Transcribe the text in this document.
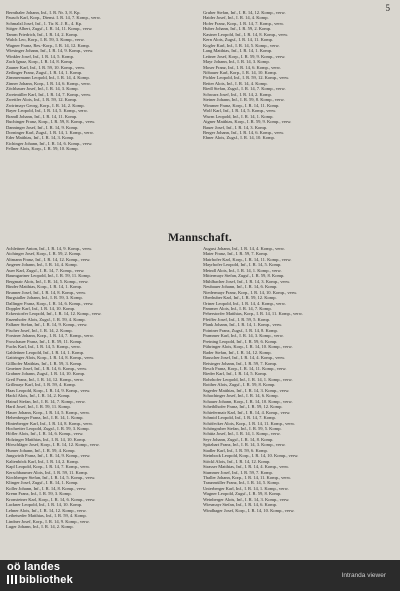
5
Bernthaler Johann, Inf., I. R. Nr. 3, 8. Kp.
Pausch Karl, Korp., Dienst. I. R. 14, 7. Komp., verw.
Schmalzl Josef, Inf., 1. Tir. K. J. R., 4. Kp.
Stöger Albert, Zugsf., I. R. 14, 11. Komp., verw.
Tamm Friedrich, Inf., I. R. 14, 2. Komp.
Walch Leo, Korp., I. R. 59, 3. Komp., verw.
Wagner Franz, Res.-Korp., I. R. 14, 12. Komp.
Wiesinger Johann, Inf., I. R. 14, 9. Komp., verw.
Winkler Josef, Inf., I. R. 14, 5. Komp.
Zach Ignaz, Korp., I. R. 14, 8. Komp.
Zauner Karl, Inf., I. R. 59, 10. Komp., verw.
Zeilinger Franz, Zugsf., I. R. 14, 1. Komp.
Zimmermann Leopold, Inf., I. R. 14, 4. Komp.
Zinner Johann, Korp., I. R. 14, 6. Komp., verw.
Zöchbauer Josef, Inf., I. R. 14, 3. Komp.
Zweimüller Karl, Inf., I. R. 14, 7. Komp., verw.
Zwettler Alois, Inf., I. R. 59, 12. Komp.
Zwirtmayr Georg, Korp., I. R. 14, 2. Komp.
Bayer Leopold, Inf., I. R. 14, 5. Komp., verw.
Brandl Johann, Inf., I. R. 14, 11. Komp.
Buchinger Franz, Korp., I. R. 59, 8. Komp., verw.
Danninger Josef, Inf., I. R. 14, 9. Komp.
Dorninger Karl, Zugsf., I. R. 14, 1. Komp., verw.
Eder Matthias, Inf., I. R. 14, 3. Komp.
Eichinger Johann, Inf., I. R. 14, 6. Komp., verw.
Fellner Alois, Korp., I. R. 59, 10. Komp.
Gruber Stefan, Inf., I. R. 14, 12. Komp., verw.
Haider Josef, Inf., I. R. 14, 4. Komp.
Hofer Franz, Korp., I. R. 14, 7. Komp., verw.
Huber Johann, Inf., I. R. 59, 2. Komp.
Kastner Leopold, Inf., I. R. 14, 8. Komp., verw.
Kern Alois, Zugsf., I. R. 14, 11. Komp.
Kogler Karl, Inf., I. R. 14, 5. Komp., verw.
Lang Matthias, Inf., I. R. 14, 1. Komp.
Leitner Josef, Korp., I. R. 59, 9. Komp., verw.
Mayr Johann, Inf., I. R. 14, 3. Komp.
Moser Franz, Inf., I. R. 14, 6. Komp., verw.
Nöbauer Karl, Korp., I. R. 14, 10. Komp.
Pichler Leopold, Inf., I. R. 59, 12. Komp., verw.
Reiter Alois, Inf., I. R. 14, 4. Komp.
Riedl Stefan, Zugsf., I. R. 14, 7. Komp., verw.
Schwarz Josef, Inf., I. R. 14, 2. Komp.
Steiner Johann, Inf., I. R. 59, 8. Komp., verw.
Wimmer Franz, Korp., I. R. 14, 11. Komp.
Wolf Karl, Inf., I. R. 14, 5. Komp., verw.
Wurm Leopold, Inf., I. R. 14, 1. Komp.
Aigner Matthias, Korp., I. R. 59, 9. Komp., verw.
Bauer Josef, Inf., I. R. 14, 3. Komp.
Berger Johann, Inf., I. R. 14, 6. Komp., verw.
Ebner Alois, Zugsf., I. R. 14, 10. Komp.
Mannschaft.
Achleitner Anton, Inf., I. R. 14, 9. Komp., verw.
Aichinger Josef, Korp., I. R. 59, 2. Komp.
Altmann Franz, Inf., I. R. 14, 12. Komp., verw.
Angerer Johann, Inf., I. R. 14, 4. Komp.
Auer Karl, Zugsf., I. R. 14, 7. Komp., verw.
Baumgartner Leopold, Inf., I. R. 59, 11. Komp.
Bergmair Alois, Inf., I. R. 14, 5. Komp., verw.
Binder Matthias, Korp., I. R. 14, 1. Komp.
Brunner Josef, Inf., I. R. 14, 8. Komp., verw.
Burgstaller Johann, Inf., I. R. 59, 3. Komp.
Dallinger Franz, Korp., I. R. 14, 6. Komp., verw.
Doppler Karl, Inf., I. R. 14, 10. Komp.
Eckerstorfer Leopold, Inf., I. R. 14, 12. Komp., verw.
Enzenhofer Alois, Zugsf., I. R. 59, 4. Komp.
Falkner Stefan, Inf., I. R. 14, 9. Komp., verw.
Fischer Josef, Inf., I. R. 14, 2. Komp.
Forstner Johann, Korp., I. R. 14, 7. Komp., verw.
Froschauer Franz, Inf., I. R. 59, 11. Komp.
Fuchs Karl, Inf., I. R. 14, 5. Komp., verw.
Gahleitner Leopold, Inf., I. R. 14, 1. Komp.
Gattringer Alois, Korp., I. R. 14, 8. Komp., verw.
Gillhofer Matthias, Inf., I. R. 59, 3. Komp.
Gmeiner Josef, Inf., I. R. 14, 6. Komp., verw.
Grabner Johann, Zugsf., I. R. 14, 10. Komp.
Greil Franz, Inf., I. R. 14, 12. Komp., verw.
Grillmayr Karl, Inf., I. R. 59, 4. Komp.
Haas Leopold, Korp., I. R. 14, 9. Komp., verw.
Hackl Alois, Inf., I. R. 14, 2. Komp.
Hainzl Stefan, Inf., I. R. 14, 7. Komp., verw.
Hartl Josef, Inf., I. R. 59, 11. Komp.
Hauer Johann, Korp., I. R. 14, 5. Komp., verw.
Hehenberger Franz, Inf., I. R. 14, 1. Komp.
Hinterberger Karl, Inf., I. R. 14, 8. Komp., verw.
Hochreiter Leopold, Zugsf., I. R. 59, 3. Komp.
Höfler Alois, Inf., I. R. 14, 6. Komp., verw.
Holzinger Matthias, Inf., I. R. 14, 10. Komp.
Hörschläger Josef, Korp., I. R. 14, 12. Komp., verw.
Humer Johann, Inf., I. R. 59, 4. Komp.
Jungwirth Franz, Inf., I. R. 14, 9. Komp., verw.
Kaltenböck Karl, Inf., I. R. 14, 2. Komp.
Kapl Leopold, Korp., I. R. 14, 7. Komp., verw.
Kerschbaumer Alois, Inf., I. R. 59, 11. Komp.
Kirchberger Stefan, Inf., I. R. 14, 5. Komp., verw.
Klinger Josef, Zugsf., I. R. 14, 1. Komp.
Koller Johann, Inf., I. R. 14, 8. Komp., verw.
Krenn Franz, Inf., I. R. 59, 3. Komp.
Kronsteiner Karl, Korp., I. R. 14, 6. Komp., verw.
Lackner Leopold, Inf., I. R. 14, 10. Komp.
Lehner Alois, Inf., I. R. 14, 12. Komp., verw.
Leibetseder Matthias, Inf., I. R. 59, 4. Komp.
Lindner Josef, Korp., I. R. 14, 9. Komp., verw.
Luger Johann, Inf., I. R. 14, 2. Komp.
August Johann, Inf., I. R. 14, 4. Komp., verw.
Maier Franz, Inf., I. R. 59, 7. Komp.
Mairhofer Karl, Korp., I. R. 14, 11. Komp., verw.
Mayrhofer Leopold, Inf., I. R. 14, 5. Komp.
Meindl Alois, Inf., I. R. 14, 1. Komp., verw.
Mittermayr Stefan, Zugsf., I. R. 59, 8. Komp.
Mühlbacher Josef, Inf., I. R. 14, 3. Komp., verw.
Neubauer Johann, Inf., I. R. 14, 6. Komp.
Niedermayr Franz, Korp., I. R. 14, 10. Komp., verw.
Oberhuber Karl, Inf., I. R. 59, 12. Komp.
Ortner Leopold, Inf., I. R. 14, 4. Komp., verw.
Pammer Alois, Inf., I. R. 14, 7. Komp.
Peherstorfer Matthias, Korp., I. R. 14, 11. Komp., verw.
Pfeiffer Josef, Inf., I. R. 59, 5. Komp.
Plank Johann, Inf., I. R. 14, 1. Komp., verw.
Pointner Franz, Zugsf., I. R. 14, 8. Komp.
Prammer Karl, Inf., I. R. 14, 3. Komp., verw.
Preining Leopold, Inf., I. R. 59, 6. Komp.
Pühringer Alois, Korp., I. R. 14, 10. Komp., verw.
Rader Stefan, Inf., I. R. 14, 12. Komp.
Rauscher Josef, Inf., I. R. 14, 4. Komp., verw.
Reisinger Johann, Inf., I. R. 59, 7. Komp.
Resch Franz, Korp., I. R. 14, 11. Komp., verw.
Rieder Karl, Inf., I. R. 14, 5. Komp.
Rohrhofer Leopold, Inf., I. R. 14, 1. Komp., verw.
Roither Alois, Zugsf., I. R. 59, 8. Komp.
Sageder Matthias, Inf., I. R. 14, 3. Komp., verw.
Schachinger Josef, Inf., I. R. 14, 6. Komp.
Schauer Johann, Korp., I. R. 14, 10. Komp., verw.
Scheiblhofer Franz, Inf., I. R. 59, 12. Komp.
Schiefermair Karl, Inf., I. R. 14, 4. Komp., verw.
Schmid Leopold, Inf., I. R. 14, 7. Komp.
Schöfecker Alois, Korp., I. R. 14, 11. Komp., verw.
Schöngruber Stefan, Inf., I. R. 59, 5. Komp.
Schütz Josef, Inf., I. R. 14, 1. Komp., verw.
Seyr Johann, Zugsf., I. R. 14, 8. Komp.
Spitzbart Franz, Inf., I. R. 14, 3. Komp., verw.
Stadler Karl, Inf., I. R. 59, 6. Komp.
Steinbock Leopold, Korp., I. R. 14, 10. Komp., verw.
Stöckl Alois, Inf., I. R. 14, 12. Komp.
Strasser Matthias, Inf., I. R. 14, 4. Komp., verw.
Stummer Josef, Inf., I. R. 59, 7. Komp.
Thaller Johann, Korp., I. R. 14, 11. Komp., verw.
Traunmüller Franz, Inf., I. R. 14, 5. Komp.
Unterberger Karl, Inf., I. R. 14, 1. Komp., verw.
Wagner Leopold, Zugsf., I. R. 59, 8. Komp.
Weinberger Alois, Inf., I. R. 14, 3. Komp., verw.
Wiesmayr Stefan, Inf., I. R. 14, 6. Komp.
Windhager Josef, Korp., I. R. 14, 10. Komp., verw.
oö landes
bibliothek	Intranda viewer
